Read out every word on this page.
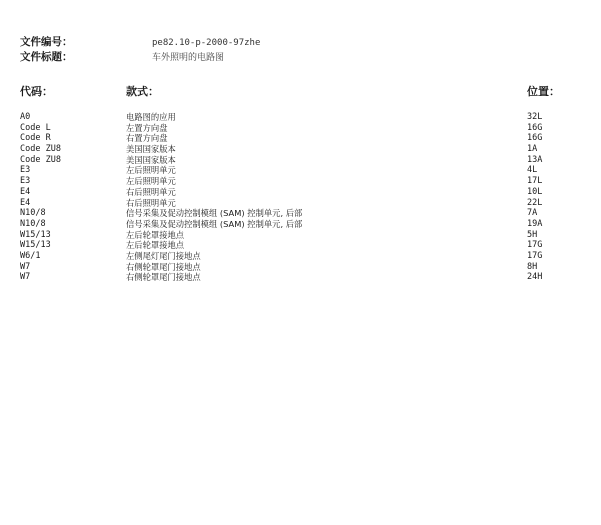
文件编号：	pe82.10-p-2000-97zhe
文件标题：	车外照明的电路图
代码：	款式：	位置：
A0	电路图的应用	32L
Code L	左置方向盘	16G
Code R	右置方向盘	16G
Code ZU8	美国国家版本	1A
Code ZU8	美国国家版本	13A
E3	左后照明单元	4L
E3	左后照明单元	17L
E4	右后照明单元	10L
E4	右后照明单元	22L
N10/8	信号采集及促动控制模组 (SAM) 控制单元, 后部	7A
N10/8	信号采集及促动控制模组 (SAM) 控制单元, 后部	19A
W15/13	左后轮罩接地点	5H
W15/13	左后轮罩接地点	17G
W6/1	左侧尾灯尾门接地点	17G
W7	右侧轮罩尾门接地点	8H
W7	右侧轮罩尾门接地点	24H
